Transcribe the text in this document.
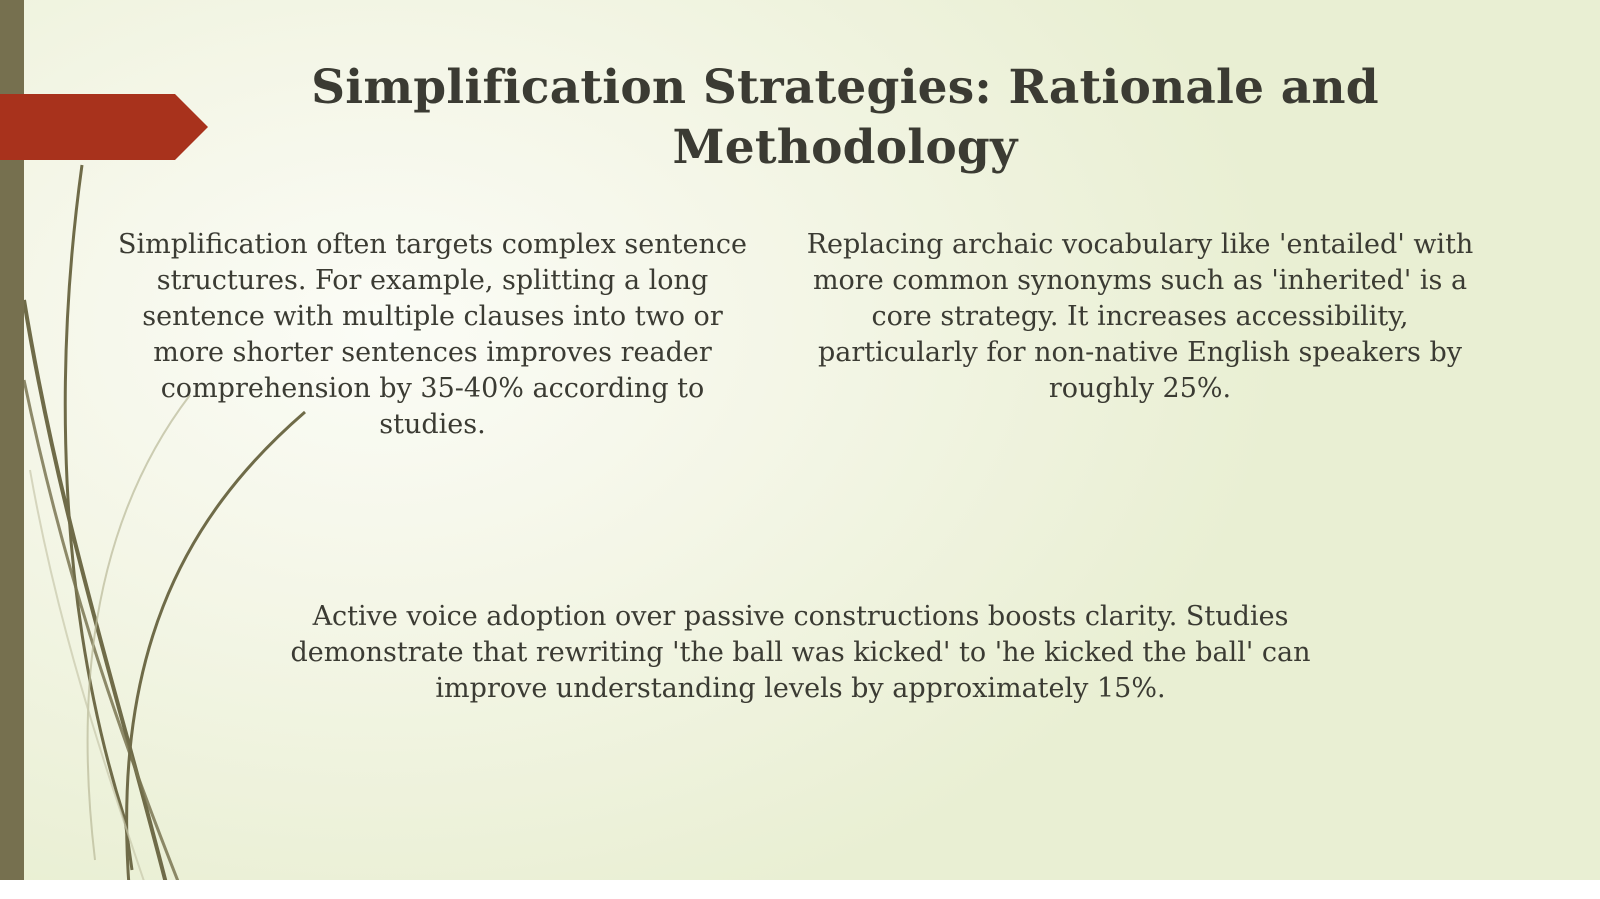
Simplification Strategies: Rationale and Methodology

Simplification often targets complex sentence structures. For example, splitting a long sentence with multiple clauses into two or more shorter sentences improves reader comprehension by 35-40% according to studies.

Replacing archaic vocabulary like 'entailed' with more common synonyms such as 'inherited' is a core strategy. It increases accessibility, particularly for non-native English speakers by roughly 25%.

Active voice adoption over passive constructions boosts clarity. Studies demonstrate that rewriting 'the ball was kicked' to 'he kicked the ball' can improve understanding levels by approximately 15%.
